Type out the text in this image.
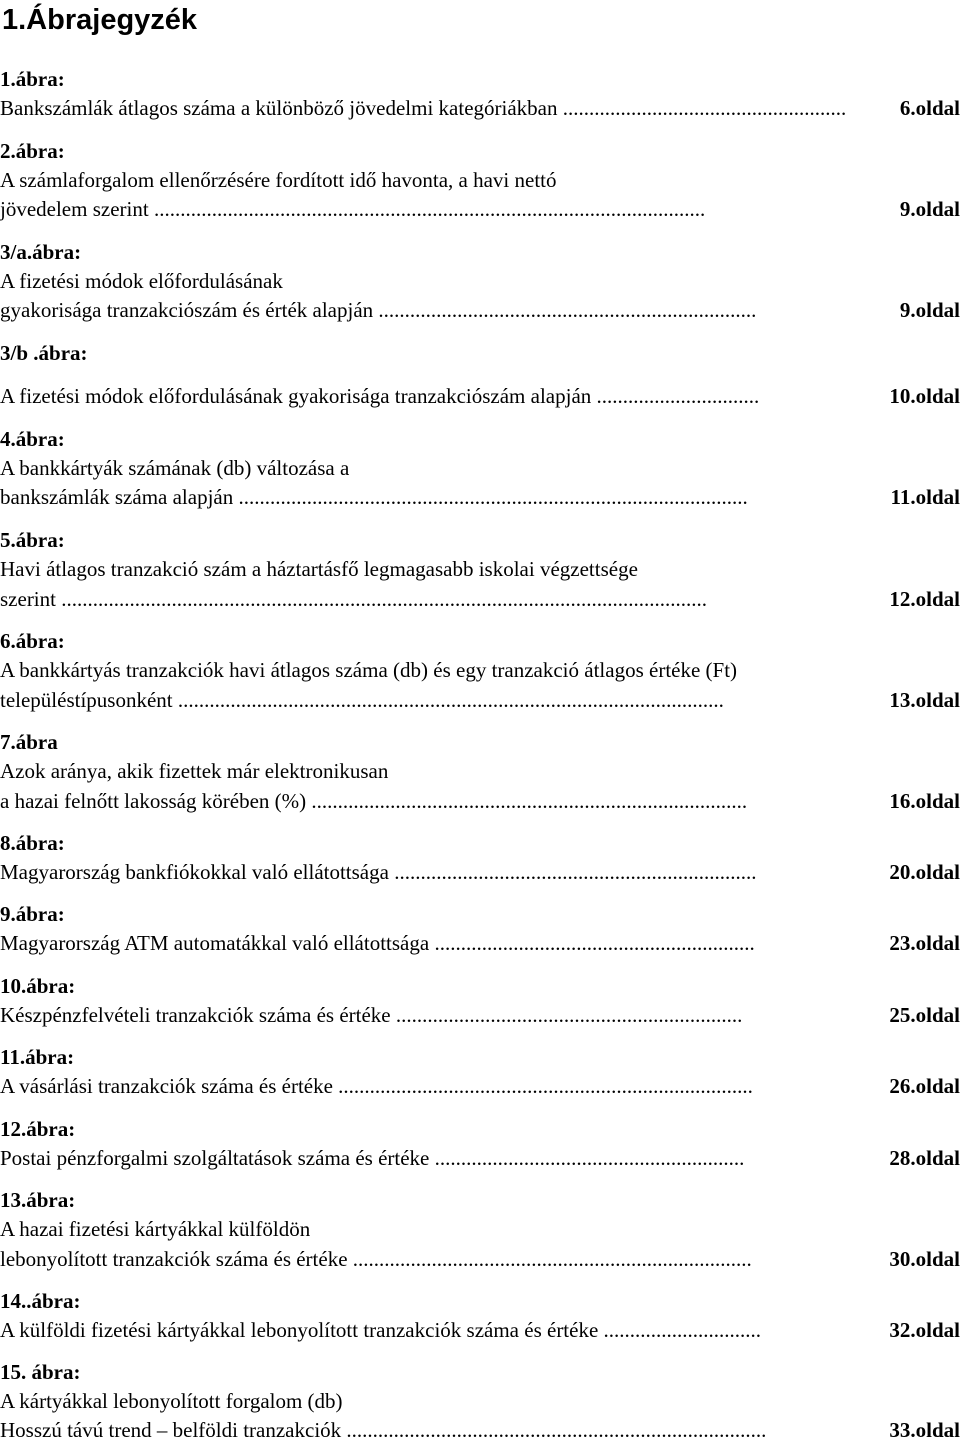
1.Ábrajegyzék
1.ábra:
Bankszámlák átlagos száma a különböző jövedelmi kategóriákban ......................................................	6.oldal
2.ábra:
A számlaforgalom ellenőrzésére fordított idő havonta, a havi nettó
jövedelem szerint .........................................................................................................	9.oldal
3/a.ábra:
A fizetési módok előfordulásának
gyakorisága tranzakciószám és érték alapján ........................................................................	9.oldal
3/b .ábra:
A fizetési módok előfordulásának gyakorisága tranzakciószám alapján ...............................	10.oldal
4.ábra:
A bankkártyák számának (db) változása a
bankszámlák száma alapján .................................................................................................	11.oldal
5.ábra:
Havi átlagos tranzakció szám a háztartásfő legmagasabb iskolai végzettsége
szerint ...........................................................................................................................	12.oldal
6.ábra:
A bankkártyás tranzakciók havi átlagos száma (db) és egy tranzakció átlagos értéke (Ft)
településtípusonként ........................................................................................................	13.oldal
7.ábra
Azok aránya, akik fizettek már elektronikusan
a hazai felnőtt lakosság körében (%) ...................................................................................	16.oldal
8.ábra:
Magyarország bankfiókokkal való ellátottsága .....................................................................	20.oldal
9.ábra:
Magyarország ATM automatákkal való ellátottsága .............................................................	23.oldal
10.ábra:
Készpénzfelvételi tranzakciók száma és értéke ..................................................................	25.oldal
11.ábra:
A vásárlási tranzakciók száma és értéke ...............................................................................	26.oldal
12.ábra:
Postai pénzforgalmi szolgáltatások száma és értéke ...........................................................	28.oldal
13.ábra:
A hazai fizetési kártyákkal külföldön
lebonyolított tranzakciók száma és értéke ............................................................................	30.oldal
14..ábra:
A külföldi fizetési kártyákkal lebonyolított tranzakciók száma és értéke ..............................	32.oldal
15. ábra:
A kártyákkal lebonyolított forgalom (db)
Hosszú távú trend – belföldi tranzakciók ................................................................................	33.oldal
